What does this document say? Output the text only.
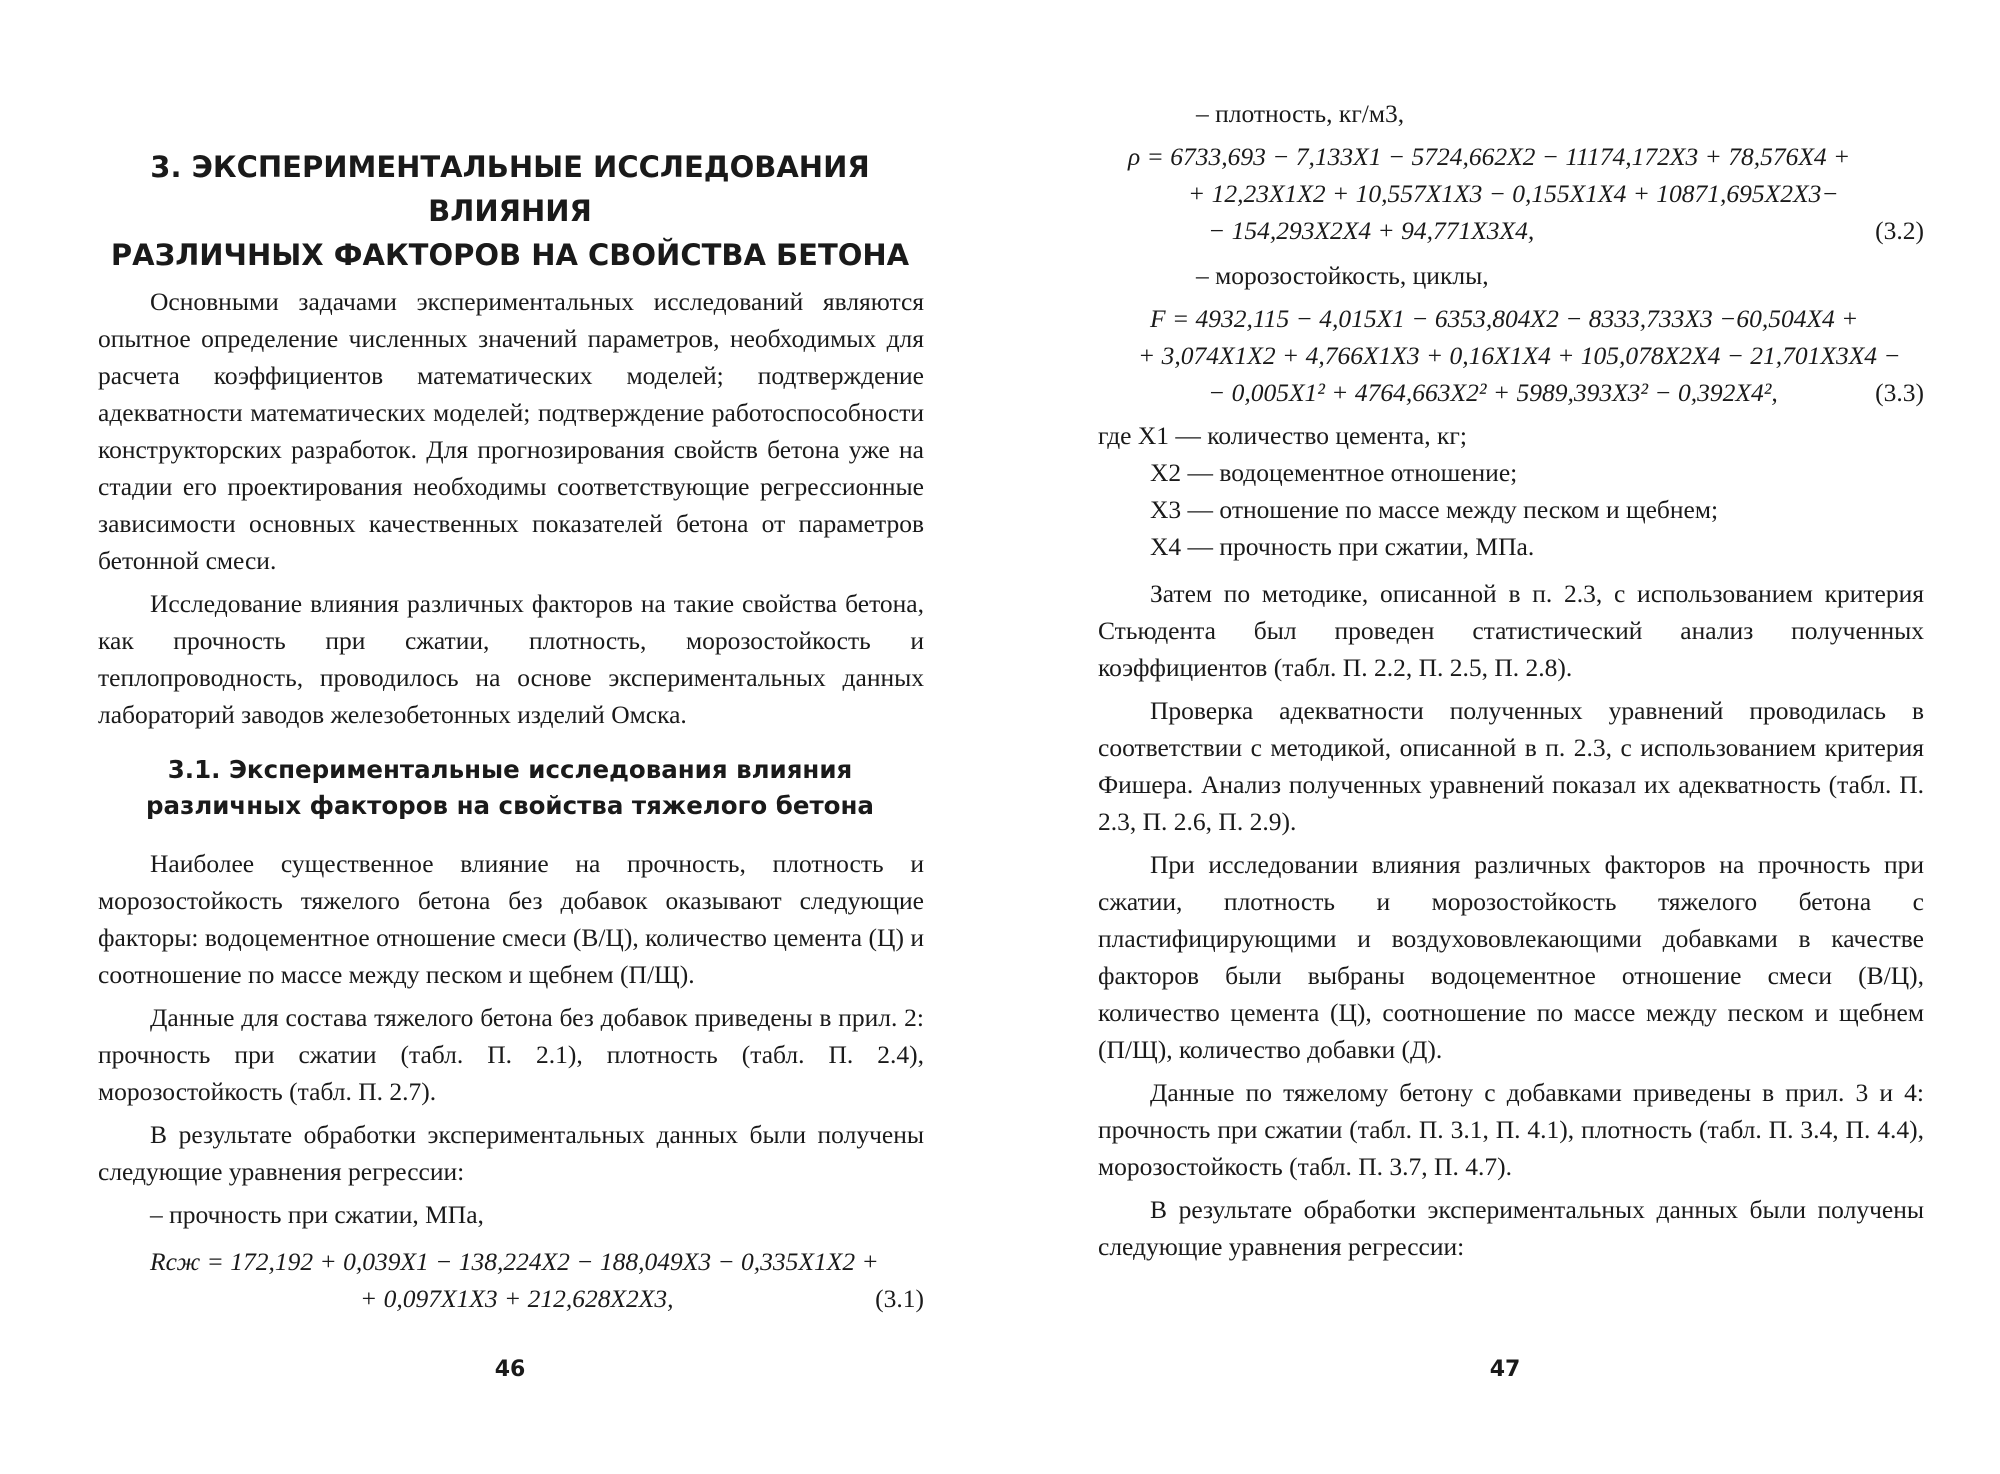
3. ЭКСПЕРИМЕНТАЛЬНЫЕ ИССЛЕДОВАНИЯ ВЛИЯНИЯ
РАЗЛИЧНЫХ ФАКТОРОВ НА СВОЙСТВА БЕТОНА

Основными задачами экспериментальных исследований являются опытное определение численных значений параметров, необходимых для расчета коэффициентов математических моделей; подтверждение адекватности математических моделей; подтверждение работоспособности конструкторских разработок. Для прогнозирования свойств бетона уже на стадии его проектирования необходимы соответствующие регрессионные зависимости основных качественных показателей бетона от параметров бетонной смеси.

Исследование влияния различных факторов на такие свойства бетона, как прочность при сжатии, плотность, морозостойкость и теплопроводность, проводилось на основе экспериментальных данных лабораторий заводов железобетонных изделий Омска.

3.1. Экспериментальные исследования влияния
различных факторов на свойства тяжелого бетона

Наиболее существенное влияние на прочность, плотность и морозостойкость тяжелого бетона без добавок оказывают следующие факторы: водоцементное отношение смеси (В/Ц), количество цемента (Ц) и соотношение по массе между песком и щебнем (П/Щ).

Данные для состава тяжелого бетона без добавок приведены в прил. 2: прочность при сжатии (табл. П. 2.1), плотность (табл. П. 2.4), морозостойкость (табл. П. 2.7).

В результате обработки экспериментальных данных были получены следующие уравнения регрессии:

– прочность при сжатии, МПа,

Rсж = 172,192 + 0,039X1 − 138,224X2 − 188,049X3 − 0,335X1X2 +
+ 0,097X1X3 + 212,628X2X3,	(3.1)
46

– плотность, кг/м3,

ρ = 6733,693 − 7,133X1 − 5724,662X2 − 11174,172X3 + 78,576X4 +
+ 12,23X1X2 + 10,557X1X3 − 0,155X1X4 + 10871,695X2X3−
− 154,293X2X4 + 94,771X3X4,	(3.2)

– морозостойкость, циклы,

F = 4932,115 − 4,015X1 − 6353,804X2 − 8333,733X3 −60,504X4 +
+ 3,074X1X2 + 4,766X1X3 + 0,16X1X4 + 105,078X2X4 − 21,701X3X4 −
− 0,005X1² + 4764,663X2² + 5989,393X3² − 0,392X4²,	(3.3)

где X1 — количество цемента, кг;

X2 — водоцементное отношение;

X3 — отношение по массе между песком и щебнем;

X4 — прочность при сжатии, МПа.

Затем по методике, описанной в п. 2.3, с использованием критерия Стьюдента был проведен статистический анализ полученных коэффициентов (табл. П. 2.2, П. 2.5, П. 2.8).

Проверка адекватности полученных уравнений проводилась в соответствии с методикой, описанной в п. 2.3, с использованием критерия Фишера. Анализ полученных уравнений показал их адекватность (табл. П. 2.3, П. 2.6, П. 2.9).

При исследовании влияния различных факторов на прочность при сжатии, плотность и морозостойкость тяжелого бетона с пластифицирующими и воздухововлекающими добавками в качестве факторов были выбраны водоцементное отношение смеси (В/Ц), количество цемента (Ц), соотношение по массе между песком и щебнем (П/Щ), количество добавки (Д).

Данные по тяжелому бетону с добавками приведены в прил. 3 и 4: прочность при сжатии (табл. П. 3.1, П. 4.1), плотность (табл. П. 3.4, П. 4.4), морозостойкость (табл. П. 3.7, П. 4.7).

В результате обработки экспериментальных данных были получены следующие уравнения регрессии:

47
